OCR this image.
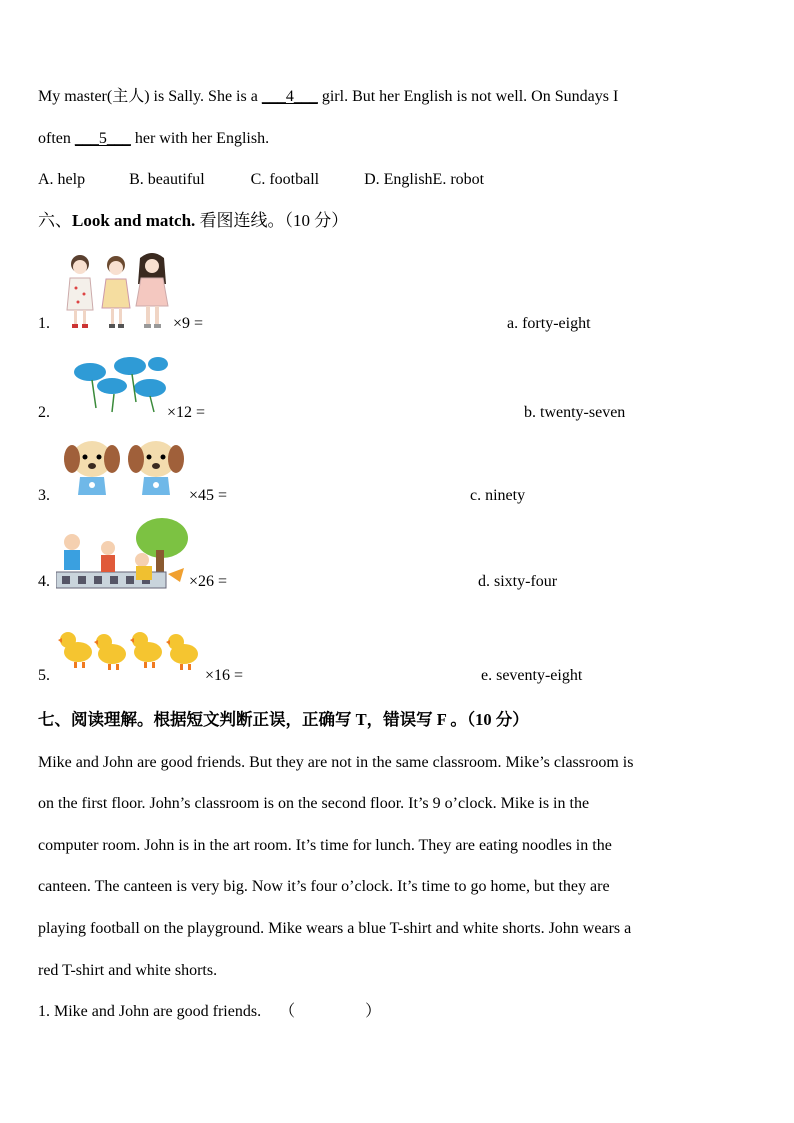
My master(主人) is Sally. She is a ___4___ girl. But her English is not well. On Sundays I
often ___5___ her with her English.
A. help	B. beautiful	C. football	D. EnglishE. robot
六、Look and match. 看图连线。（10 分）
1.	×9 =	a. forty-eight
2.	×12 =	b. twenty-seven
3.	×45 =	c. ninety
4.	×26 =	d. sixty-four
5.	×16 =	e. seventy-eight
七、阅读理解。根据短文判断正误，正确写 T，错误写 F 。（10 分）
Mike and John are good friends. But they are not in the same classroom. Mike’s classroom is
on the first floor. John’s classroom is on the second floor. It’s 9 o’clock. Mike is in the
computer room. John is in the art room. It’s time for lunch. They are eating noodles in the
canteen. The canteen is very big. Now it’s four o’clock. It’s time to go home, but they are
playing football on the playground. Mike wears a blue T-shirt and white shorts. John wears a
red T-shirt and white shorts.
1. Mike and John are good friends. （	）
